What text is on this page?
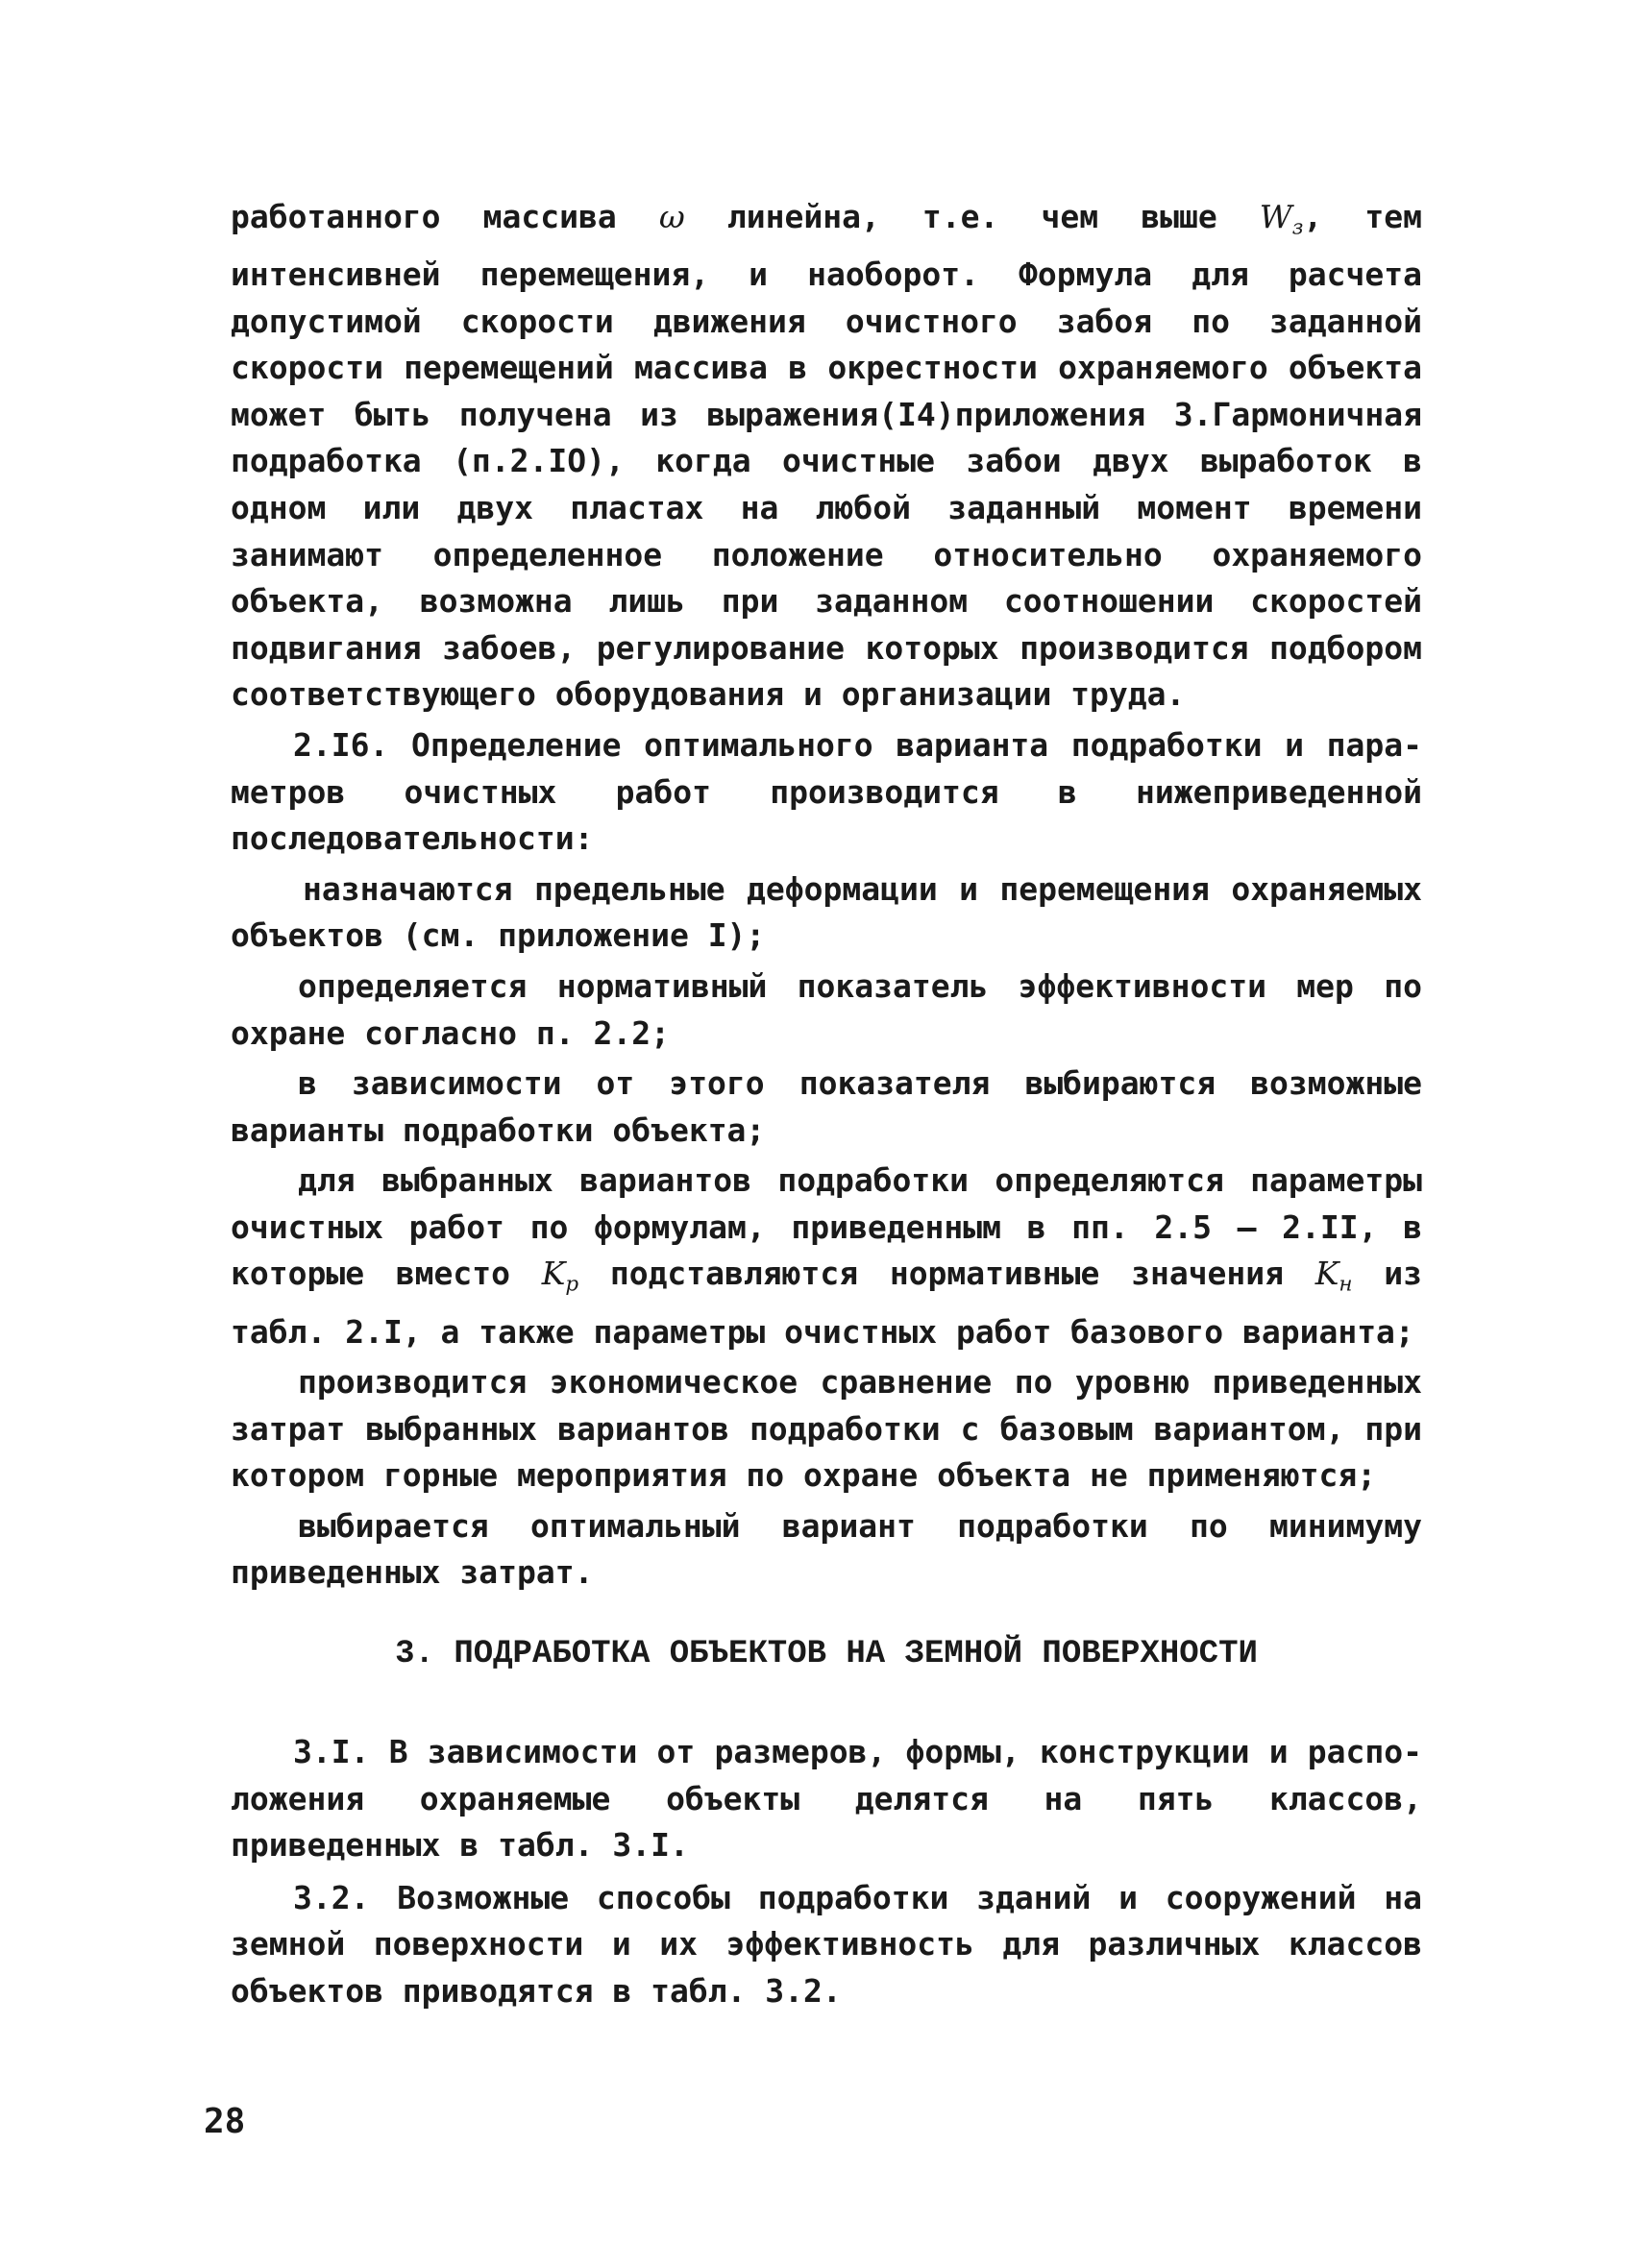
работанного массива ω линейна, т.е. чем выше $W_з$, тем интенсивней перемещения, и наоборот. Формула для расчета допустимой скорости движения очистного забоя по заданной скорости перемещений массива в окрестности охраняемого объекта может быть получена из выражения(I4)приложения 3.Гармоничная подработка (п.2.IO), когда очистные забои двух выработок в одном или двух пластах на любой заданный момент времени занимают определенное положение относительно охраняемого объекта, возможна лишь при заданном соотношении скоростей подвигания забоев, регулирование которых производится подбором соответствующего оборудования и организации труда.

2.I6. Определение оптимального варианта подработки и параметров очистных работ производится в нижеприведенной последовательности:

назначаются предельные деформации и перемещения охраняемых объектов (см. приложение I);

определяется нормативный показатель эффективности мер по охране согласно п. 2.2;

в зависимости от этого показателя выбираются возможные варианты подработки объекта;

для выбранных вариантов подработки определяются параметры очистных работ по формулам, приведенным в пп. 2.5 – 2.II, в которые вместо $K_р$ подставляются нормативные значения $K_н$ из табл. 2.I, а также параметры очистных работ базового варианта;

производится экономическое сравнение по уровню приведенных затрат выбранных вариантов подработки с базовым вариантом, при котором горные мероприятия по охране объекта не применяются;

выбирается оптимальный вариант подработки по минимуму приведенных затрат.

3. ПОДРАБОТКА ОБЪЕКТОВ НА ЗЕМНОЙ ПОВЕРХНОСТИ

3.I. В зависимости от размеров, формы, конструкции и расположения охраняемые объекты делятся на пять классов, приведенных в табл. 3.I.

3.2. Возможные способы подработки зданий и сооружений на земной поверхности и их эффективность для различных классов объектов приводятся в табл. 3.2.

28
